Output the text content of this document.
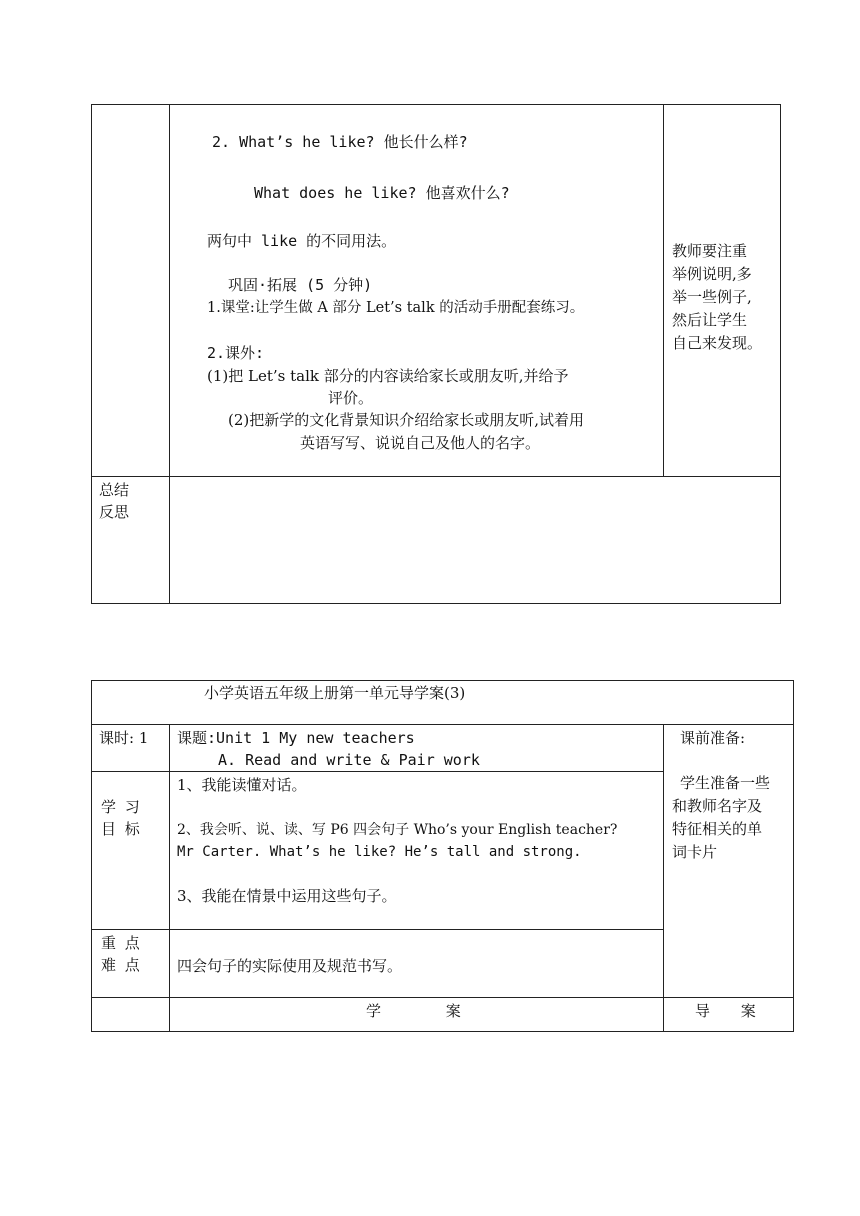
2. What’s he like? 他长什么样?
What does he like? 他喜欢什么?
两句中 like 的不同用法。
巩固·拓展 (5 分钟)
1.课堂:让学生做 A 部分 Let’s talk 的活动手册配套练习。
2.课外:
(1)把 Let’s talk 部分的内容读给家长或朋友听,并给予
评价。
(2)把新学的文化背景知识介绍给家长或朋友听,试着用
英语写写、说说自己及他人的名字。
教师要注重
举例说明,多
举一些例子,
然后让学生
自己来发现。
总结
反思
小学英语五年级上册第一单元导学案(3)
课时: 1 课题:Unit 1 My new teachers
A. Read and write & Pair work
课前准备:
学生准备一些
和教师名字及
特征相关的单
词卡片
学 习
目 标
1、我能读懂对话。
2、我会听、说、读、写 P6 四会句子 Who’s your English teacher?
Mr Carter. What’s he like? He’s tall and strong.
3、我能在情景中运用这些句子。
重 点
难 点 四会句子的实际使用及规范书写。
学 案	导 案
